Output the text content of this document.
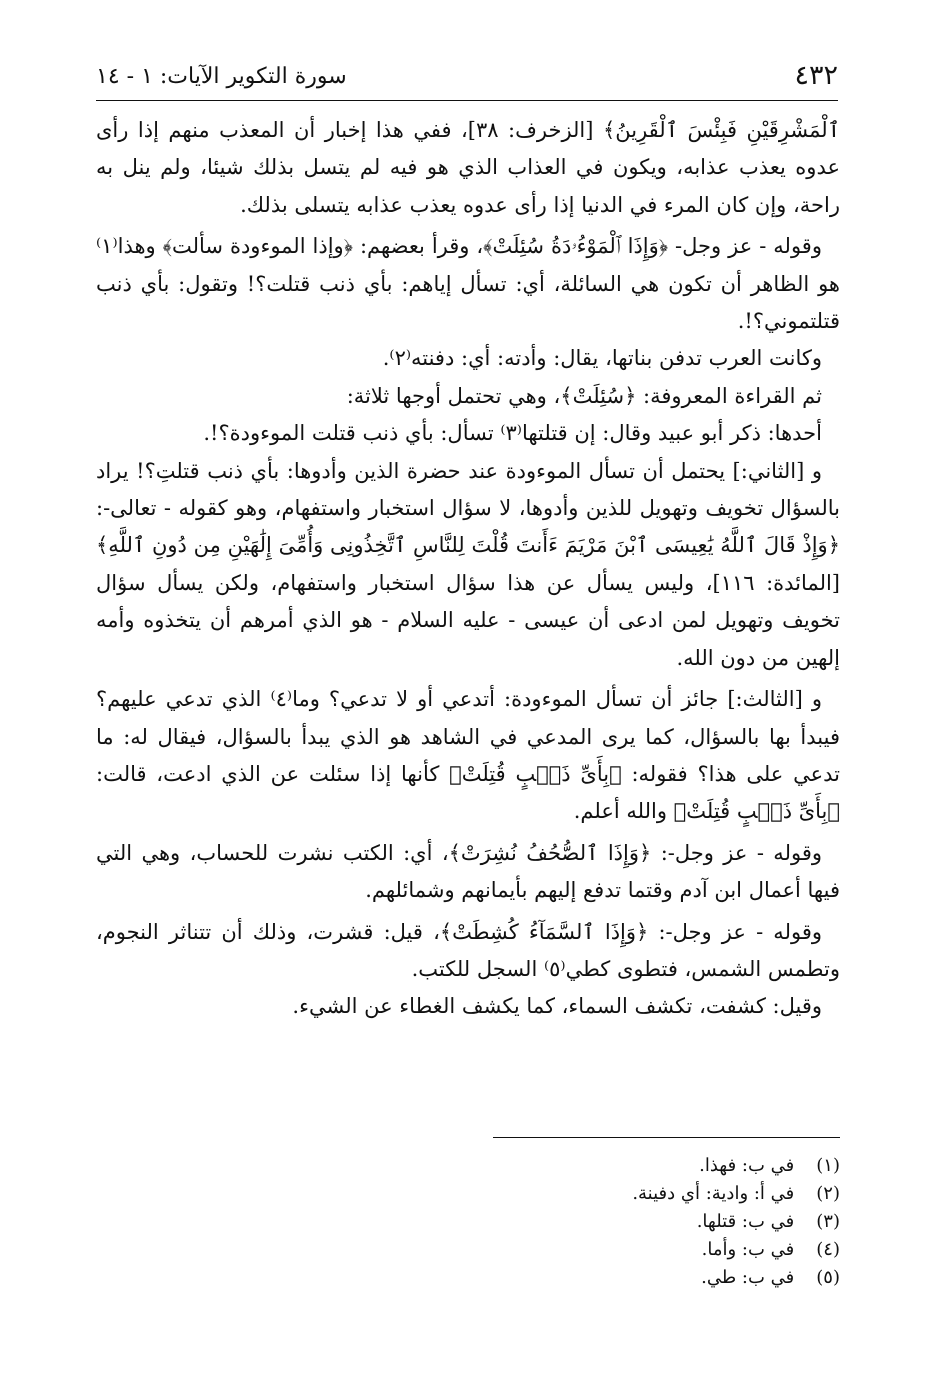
٤٣٢
سورة التكوير الآيات: ١ - ١٤

ٱلْمَشْرِقَيْنِ فَبِئْسَ ٱلْقَرِينُ﴾ [الزخرف: ٣٨]، ففي هذا إخبار أن المعذب منهم إذا رأى عدوه يعذب عذابه، ويكون في العذاب الذي هو فيه لم يتسل بذلك شيئا، ولم ينل به راحة، وإن كان المرء في الدنيا إذا رأى عدوه يعذب عذابه يتسلى بذلك.

وقوله - عز وجل- ﴿وَإِذَا ٱلْمَوْءُۥدَةُ سُئِلَتْ﴾، وقرأ بعضهم: ﴿وإذا الموءودة سألت﴾ وهذا⁽١⁾ هو الظاهر أن تكون هي السائلة، أي: تسأل إياهم: بأي ذنب قتلت؟! وتقول: بأي ذنب قتلتموني؟!.

وكانت العرب تدفن بناتها، يقال: وأدته: أي: دفنته⁽٢⁾.

ثم القراءة المعروفة: ﴿سُئِلَتْ﴾، وهي تحتمل أوجها ثلاثة:

أحدها: ذكر أبو عبيد وقال: إن قتلتها⁽٣⁾ تسأل: بأي ذنب قتلت الموءودة؟!.

و [الثاني:] يحتمل أن تسأل الموءودة عند حضرة الذين وأدوها: بأي ذنب قتلتِ؟! يراد بالسؤال تخويف وتهويل للذين وأدوها، لا سؤال استخبار واستفهام، وهو كقوله - تعالى-: ﴿وَإِذْ قَالَ ٱللَّهُ يَٰعِيسَى ٱبْنَ مَرْيَمَ ءَأَنتَ قُلْتَ لِلنَّاسِ ٱتَّخِذُونِى وَأُمِّىَ إِلَٰهَيْنِ مِن دُونِ ٱللَّهِ﴾ [المائدة: ١١٦]، وليس يسأل عن هذا سؤال استخبار واستفهام، ولكن يسأل سؤال تخويف وتهويل لمن ادعى أن عيسى - عليه السلام - هو الذي أمرهم أن يتخذوه وأمه إلهين من دون الله.

و [الثالث:] جائز أن تسأل الموءودة: أتدعي أو لا تدعي؟ وما⁽٤⁾ الذي تدعي عليهم؟ فيبدأ بها بالسؤال، كما يرى المدعي في الشاهد هو الذي يبدأ بالسؤال، فيقال له: ما تدعي على هذا؟ فقوله: ﴿بِأَىِّ ذَنۢبٍ قُتِلَتْ﴾ كأنها إذا سئلت عن الذي ادعت، قالت: ﴿بِأَىِّ ذَنۢبٍ قُتِلَتْ﴾ والله أعلم.

وقوله - عز وجل-: ﴿وَإِذَا ٱلصُّحُفُ نُشِرَتْ﴾، أي: الكتب نشرت للحساب، وهي التي فيها أعمال ابن آدم وقتما تدفع إليهم بأيمانهم وشمائلهم.

وقوله - عز وجل-: ﴿وَإِذَا ٱلسَّمَآءُ كُشِطَتْ﴾، قيل: قشرت، وذلك أن تتناثر النجوم، وتطمس الشمس، فتطوى كطي⁽٥⁾ السجل للكتب.

وقيل: كشفت، تكشف السماء، كما يكشف الغطاء عن الشيء.

(١) في ب: فهذا.
(٢) في أ: وادية: أي دفينة.
(٣) في ب: قتلها.
(٤) في ب: وأما.
(٥) في ب: طي.
